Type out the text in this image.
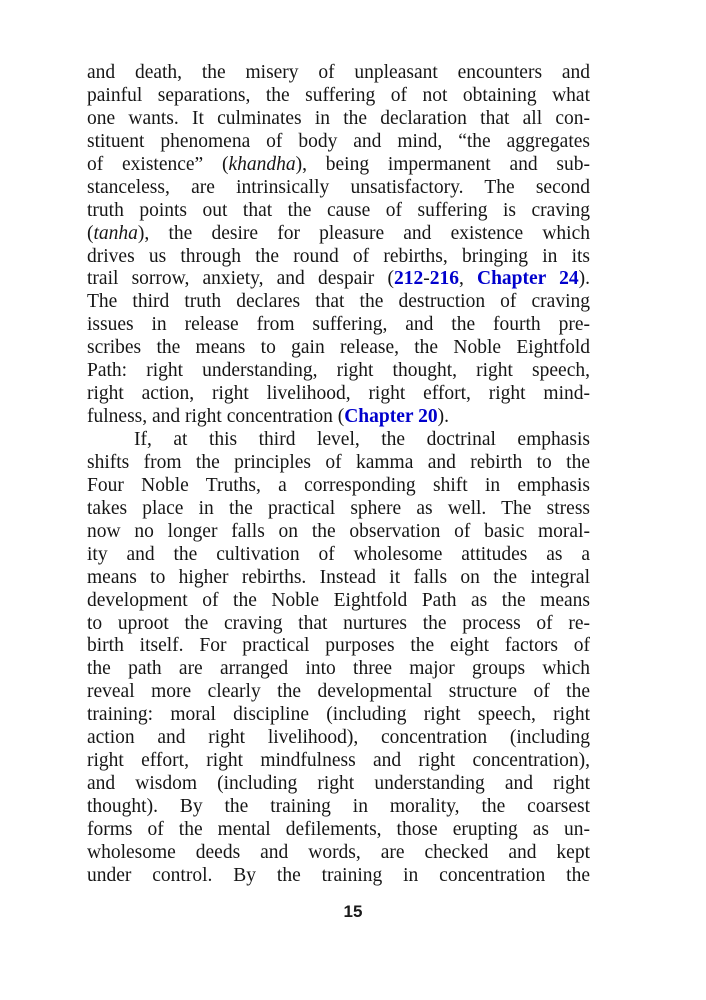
and death, the misery of unpleasant encounters and
painful separations, the suffering of not obtaining what
one wants. It culminates in the declaration that all con-
stituent phenomena of body and mind, “the aggregates
of existence” (khandha), being impermanent and sub-
stanceless, are intrinsically unsatisfactory. The second
truth points out that the cause of suffering is craving
(tanha), the desire for pleasure and existence which
drives us through the round of rebirths, bringing in its
trail sorrow, anxiety, and despair (212-216, Chapter 24).
The third truth declares that the destruction of craving
issues in release from suffering, and the fourth pre-
scribes the means to gain release, the Noble Eightfold
Path: right understanding, right thought, right speech,
right action, right livelihood, right effort, right mind-
fulness, and right concentration (Chapter 20).
If, at this third level, the doctrinal emphasis
shifts from the principles of kamma and rebirth to the
Four Noble Truths, a corresponding shift in emphasis
takes place in the practical sphere as well. The stress
now no longer falls on the observation of basic moral-
ity and the cultivation of wholesome attitudes as a
means to higher rebirths. Instead it falls on the integral
development of the Noble Eightfold Path as the means
to uproot the craving that nurtures the process of re-
birth itself. For practical purposes the eight factors of
the path are arranged into three major groups which
reveal more clearly the developmental structure of the
training: moral discipline (including right speech, right
action and right livelihood), concentration (including
right effort, right mindfulness and right concentration),
and wisdom (including right understanding and right
thought). By the training in morality, the coarsest
forms of the mental defilements, those erupting as un-
wholesome deeds and words, are checked and kept
under control. By the training in concentration the
15
